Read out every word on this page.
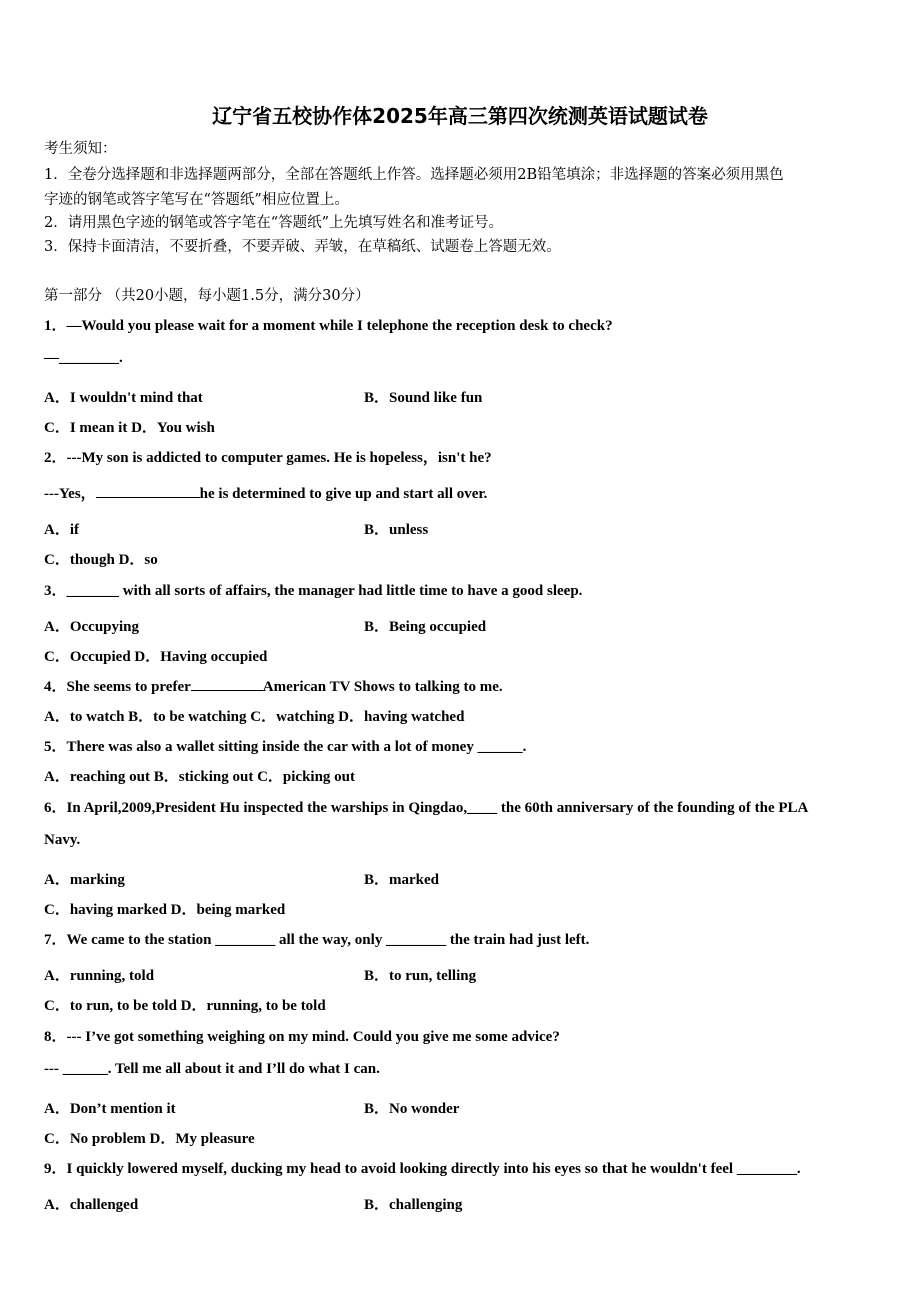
辽宁省五校协作体2025年高三第四次统测英语试题试卷
考生须知：
1．全卷分选择题和非选择题两部分，全部在答题纸上作答。选择题必须用2B铅笔填涂；非选择题的答案必须用黑色
字迹的钢笔或答字笔写在“答题纸”相应位置上。
2．请用黑色字迹的钢笔或答字笔在“答题纸”上先填写姓名和准考证号。
3．保持卡面清洁，不要折叠，不要弄破、弄皱，在草稿纸、试题卷上答题无效。
第一部分 （共20小题，每小题1.5分，满分30分）
1．—Would you please wait for a moment while I telephone the reception desk to check?
—________.
A．I wouldn't mind that	B．Sound like fun
C．I mean it D．You wish
2．---My son is addicted to computer games. He is hopeless，isn't he?
---Yes，	he is determined to give up and start all over.
A．if	B．unless
C．though D．so
3．_______ with all sorts of affairs, the manager had little time to have a good sleep.
A．Occupying	B．Being occupied
C．Occupied D．Having occupied
4．She seems to prefer	American TV Shows to talking to me.
A．to watch B．to be watching C．watching D．having watched
5．There was also a wallet sitting inside the car with a lot of money ______.
A．reaching out B．sticking out C．picking out
6．In April,2009,President Hu inspected the warships in Qingdao,____ the 60th anniversary of the founding of the PLA
Navy.
A．marking	B．marked
C．having marked D．being marked
7．We came to the station ________ all the way, only ________ the train had just left.
A．running, told	B．to run, telling
C．to run, to be told D．running, to be told
8．--- I’ve got something weighing on my mind. Could you give me some advice?
--- ______. Tell me all about it and I’ll do what I can.
A．Don’t mention it	B．No wonder
C．No problem D．My pleasure
9．I quickly lowered myself, ducking my head to avoid looking directly into his eyes so that he wouldn't feel ________.
A．challenged	B．challenging
